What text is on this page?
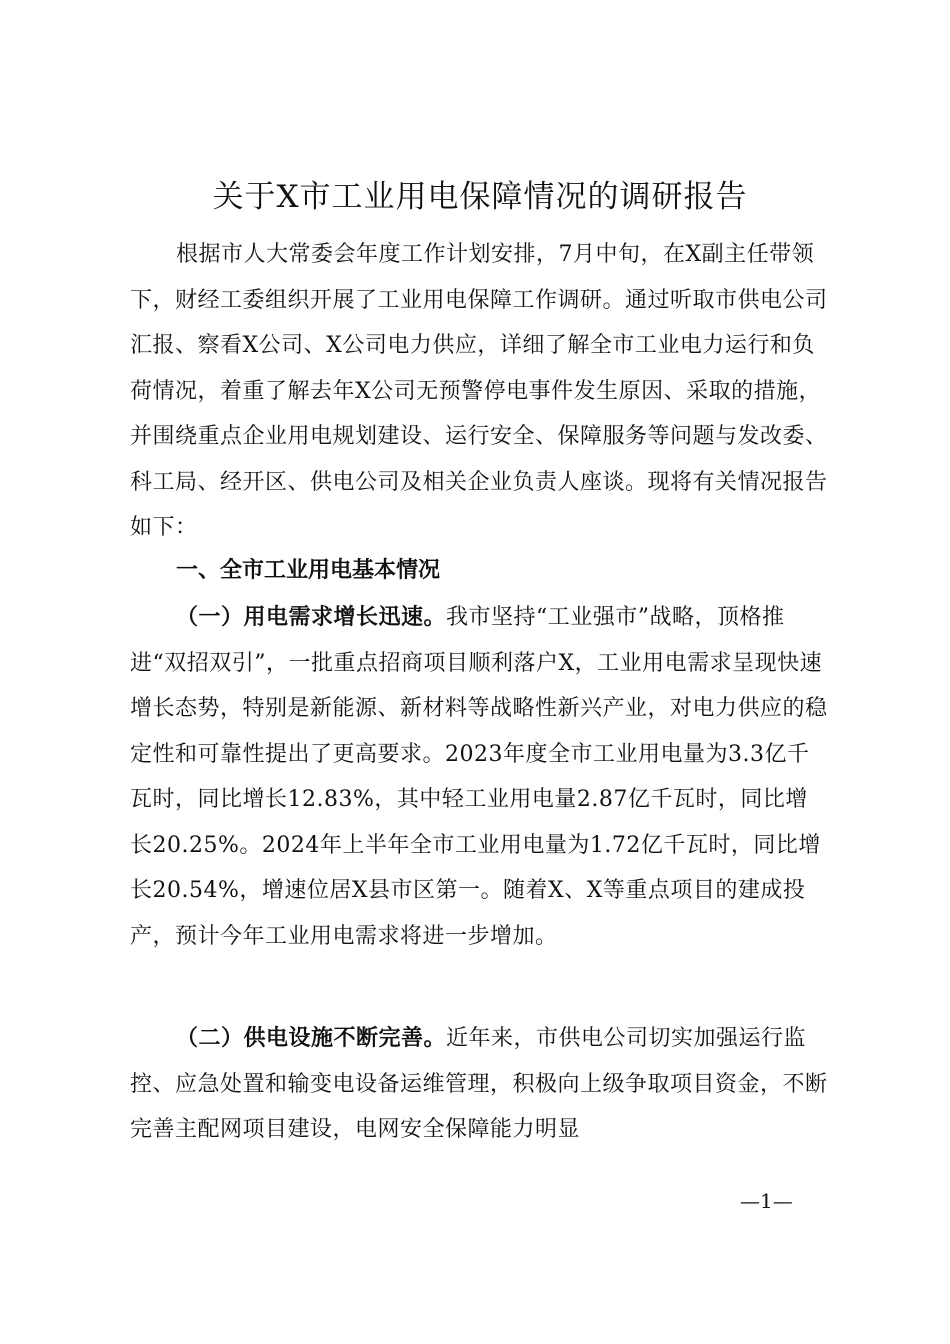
关于X市工业用电保障情况的调研报告

根据市人大常委会年度工作计划安排，7月中旬，在X副主任带领下，财经工委组织开展了工业用电保障工作调研。通过听取市供电公司汇报、察看X公司、X公司电力供应，详细了解全市工业电力运行和负荷情况，着重了解去年X公司无预警停电事件发生原因、采取的措施，并围绕重点企业用电规划建设、运行安全、保障服务等问题与发改委、科工局、经开区、供电公司及相关企业负责人座谈。现将有关情况报告如下：

一、全市工业用电基本情况

（一）用电需求增长迅速。我市坚持“工业强市”战略，顶格推进“双招双引”，一批重点招商项目顺利落户X，工业用电需求呈现快速增长态势，特别是新能源、新材料等战略性新兴产业，对电力供应的稳定性和可靠性提出了更高要求。2023年度全市工业用电量为3.3亿千瓦时，同比增长12.83%，其中轻工业用电量2.87亿千瓦时，同比增长20.25%。2024年上半年全市工业用电量为1.72亿千瓦时，同比增长20.54%，增速位居X县市区第一。随着X、X等重点项目的建成投产，预计今年工业用电需求将进一步增加。

（二）供电设施不断完善。近年来，市供电公司切实加强运行监控、应急处置和输变电设备运维管理，积极向上级争取项目资金，不断完善主配网项目建设，电网安全保障能力明显

—1—
